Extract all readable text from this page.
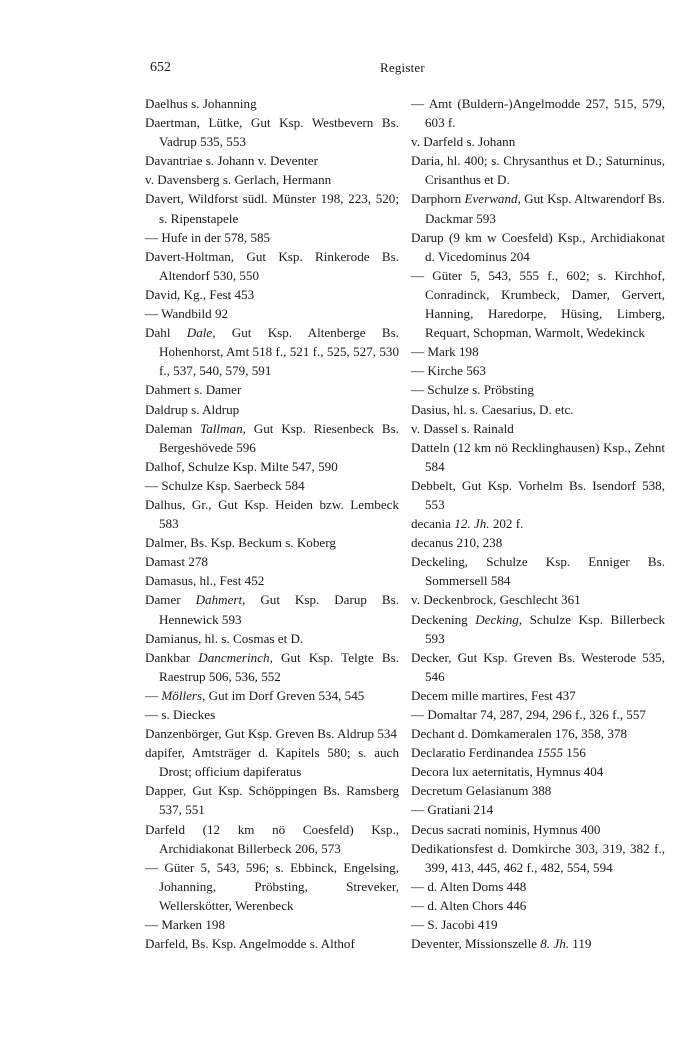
652	Register
Daelhus s. Johanning
Daertman, Lütke, Gut Ksp. Westbevern Bs. Vadrup 535, 553
Davantriae s. Johann v. Deventer
v. Davensberg s. Gerlach, Hermann
Davert, Wildforst südl. Münster 198, 223, 520; s. Ripenstapele
— Hufe in der 578, 585
Davert-Holtman, Gut Ksp. Rinkerode Bs. Altendorf 530, 550
David, Kg., Fest 453
— Wandbild 92
Dahl Dale, Gut Ksp. Altenberge Bs. Hohenhorst, Amt 518 f., 521 f., 525, 527, 530 f., 537, 540, 579, 591
Dahmert s. Damer
Daldrup s. Aldrup
Daleman Tallman, Gut Ksp. Riesenbeck Bs. Bergeshövede 596
Dalhof, Schulze Ksp. Milte 547, 590
— Schulze Ksp. Saerbeck 584
Dalhus, Gr., Gut Ksp. Heiden bzw. Lembeck 583
Dalmer, Bs. Ksp. Beckum s. Koberg
Damast 278
Damasus, hl., Fest 452
Damer Dahmert, Gut Ksp. Darup Bs. Hennewick 593
Damianus, hl. s. Cosmas et D.
Dankbar Dancmerinch, Gut Ksp. Telgte Bs. Raestrup 506, 536, 552
— Möllers, Gut im Dorf Greven 534, 545
— s. Dieckes
Danzenbörger, Gut Ksp. Greven Bs. Aldrup 534
dapifer, Amtsträger d. Kapitels 580; s. auch Drost; officium dapiferatus
Dapper, Gut Ksp. Schöppingen Bs. Ramsberg 537, 551
Darfeld (12 km nö Coesfeld) Ksp., Archidiakonat Billerbeck 206, 573
— Güter 5, 543, 596; s. Ebbinck, Engelsing, Johanning, Pröbsting, Streveker, Wellerskötter, Werenbeck
— Marken 198
Darfeld, Bs. Ksp. Angelmodde s. Althof
— Amt (Buldern-)Angelmodde 257, 515, 579, 603 f.
v. Darfeld s. Johann
Daria, hl. 400; s. Chrysanthus et D.; Saturninus, Crisanthus et D.
Darphorn Everwand, Gut Ksp. Altwarendorf Bs. Dackmar 593
Darup (9 km w Coesfeld) Ksp., Archidiakonat d. Vicedominus 204
— Güter 5, 543, 555 f., 602; s. Kirchhof, Conradinck, Krumbeck, Damer, Gervert, Hanning, Haredorpe, Hüsing, Limberg, Requart, Schopman, Warmolt, Wedekinck
— Mark 198
— Kirche 563
— Schulze s. Pröbsting
Dasius, hl. s. Caesarius, D. etc.
v. Dassel s. Rainald
Datteln (12 km nö Recklinghausen) Ksp., Zehnt 584
Debbelt, Gut Ksp. Vorhelm Bs. Isendorf 538, 553
decania 12. Jh. 202 f.
decanus 210, 238
Deckeling, Schulze Ksp. Enniger Bs. Sommersell 584
v. Deckenbrock, Geschlecht 361
Deckening Decking, Schulze Ksp. Billerbeck 593
Decker, Gut Ksp. Greven Bs. Westerode 535, 546
Decem mille martires, Fest 437
— Domaltar 74, 287, 294, 296 f., 326 f., 557
Dechant d. Domkameralen 176, 358, 378
Declaratio Ferdinandea 1555 156
Decora lux aeternitatis, Hymnus 404
Decretum Gelasianum 388
— Gratiani 214
Decus sacrati nominis, Hymnus 400
Dedikationsfest d. Domkirche 303, 319, 382 f., 399, 413, 445, 462 f., 482, 554, 594
— d. Alten Doms 448
— d. Alten Chors 446
— S. Jacobi 419
Deventer, Missionszelle 8. Jh. 119
